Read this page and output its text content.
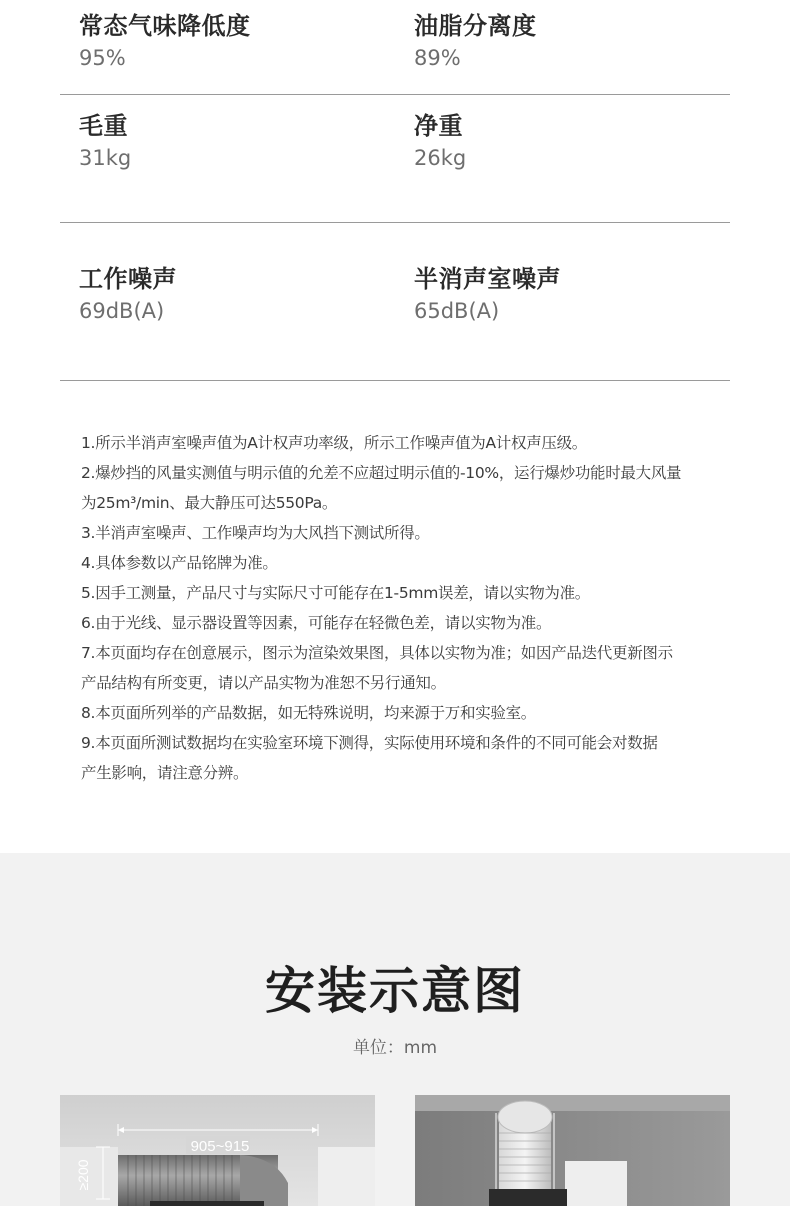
常态气味降低度
95%
油脂分离度
89%
毛重
31kg
净重
26kg
工作噪声
69dB(A)
半消声室噪声
65dB(A)
1.所示半消声室噪声值为A计权声功率级，所示工作噪声值为A计权声压级。
2.爆炒挡的风量实测值与明示值的允差不应超过明示值的-10%，运行爆炒功能时最大风量
为25m³/min、最大静压可达550Pa。
3.半消声室噪声、工作噪声均为大风挡下测试所得。
4.具体参数以产品铭牌为准。
5.因手工测量，产品尺寸与实际尺寸可能存在1-5mm误差，请以实物为准。
6.由于光线、显示器设置等因素，可能存在轻微色差，请以实物为准。
7.本页面均存在创意展示，图示为渲染效果图，具体以实物为准；如因产品迭代更新图示
产品结构有所变更，请以产品实物为准恕不另行通知。
8.本页面所列举的产品数据，如无特殊说明，均来源于万和实验室。
9.本页面所测试数据均在实验室环境下测得，实际使用环境和条件的不同可能会对数据
产生影响，请注意分辨。
安装示意图
单位：mm
905~915
≥200
